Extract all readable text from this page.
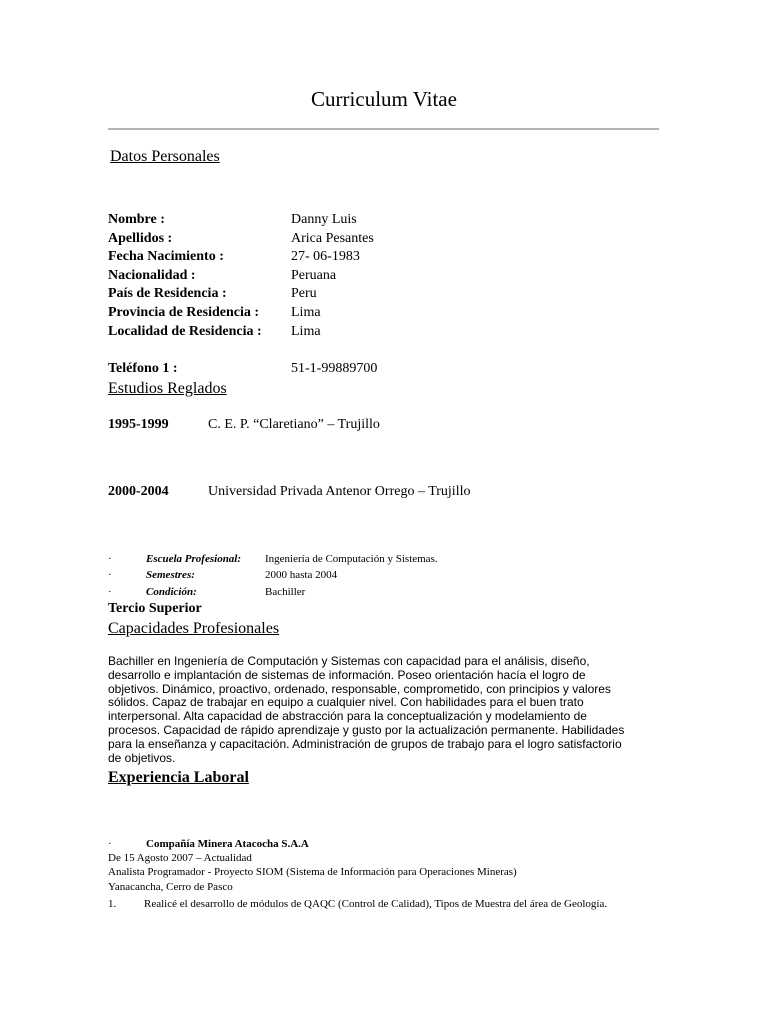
Curriculum Vitae
Datos Personales
Nombre :	Danny Luis
Apellidos :	Arica Pesantes
Fecha Nacimiento :	27- 06-1983
Nacionalidad :	Peruana
País de Residencia :	Peru
Provincia de Residencia : Lima
Localidad de Residencia : Lima
Teléfono 1 :	51-1-99889700
Estudios Reglados
1995-1999	C. E. P. “Claretiano” – Trujillo
2000-2004	Universidad Privada Antenor Orrego – Trujillo
·	Escuela Profesional: Ingeniería de Computación y Sistemas.
·	Semestres:	2000 hasta 2004
·	Condición:	Bachiller
Tercio Superior
Capacidades Profesionales
Bachiller en Ingeniería de Computación y Sistemas con capacidad para el análisis, diseño, desarrollo e implantación de sistemas de información. Poseo orientación hacía el logro de objetivos. Dinámico, proactivo, ordenado, responsable, comprometido, con principios y valores sólidos. Capaz de trabajar en equipo a cualquier nivel. Con habilidades para el buen trato interpersonal. Alta capacidad de abstracción para la conceptualización y modelamiento de procesos. Capacidad de rápido aprendizaje y gusto por la actualización permanente. Habilidades para la enseñanza y capacitación. Administración de grupos de trabajo para el logro satisfactorio de objetivos.
Experiencia Laboral
·	Compañía Minera Atacocha S.A.A
De 15 Agosto 2007 – Actualidad
Analista Programador - Proyecto SIOM (Sistema de Información para Operaciones Mineras)
Yanacancha, Cerro de Pasco
1.	Realicé el desarrollo de módulos de QAQC (Control de Calidad), Tipos de Muestra del área de Geología.
